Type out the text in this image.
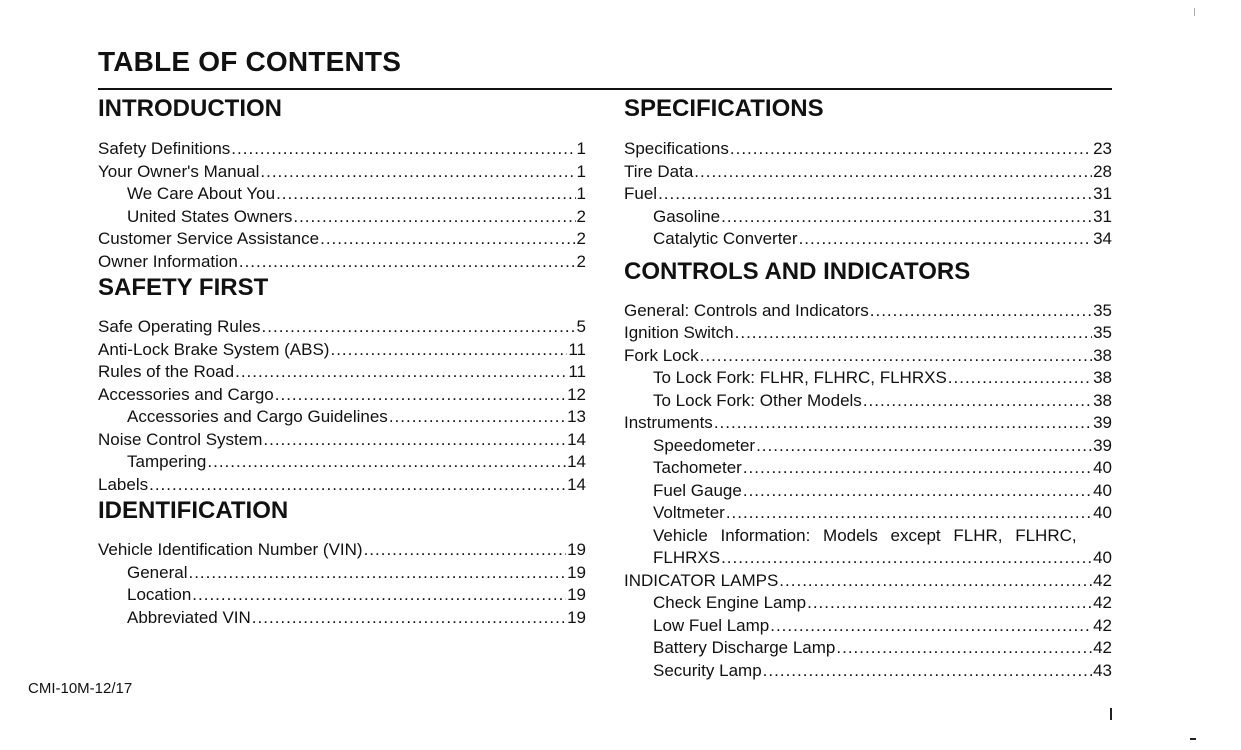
TABLE OF CONTENTS
INTRODUCTION
Safety Definitions .....	1
Your Owner's Manual .....	1
We Care About You .....	1
United States Owners .....	2
Customer Service Assistance .....	2
Owner Information .....	2
SAFETY FIRST
Safe Operating Rules .....	5
Anti-Lock Brake System (ABS) .....	11
Rules of the Road .....	11
Accessories and Cargo .....	12
Accessories and Cargo Guidelines .....	13
Noise Control System .....	14
Tampering .....	14
Labels .....	14
IDENTIFICATION
Vehicle Identification Number (VIN) .....	19
General .....	19
Location .....	19
Abbreviated VIN .....	19
SPECIFICATIONS
Specifications .....	23
Tire Data .....	28
Fuel .....	31
Gasoline .....	31
Catalytic Converter .....	34
CONTROLS AND INDICATORS
General: Controls and Indicators .....	35
Ignition Switch .....	35
Fork Lock .....	38
To Lock Fork: FLHR, FLHRC, FLHRXS .....	38
To Lock Fork: Other Models .....	38
Instruments .....	39
Speedometer .....	39
Tachometer .....	40
Fuel Gauge .....	40
Voltmeter .....	40
Vehicle Information: Models except FLHR, FLHRC,
FLHRXS .....	40
INDICATOR LAMPS .....	42
Check Engine Lamp .....	42
Low Fuel Lamp .....	42
Battery Discharge Lamp .....	42
Security Lamp .....	43
CMI-10M-12/17
